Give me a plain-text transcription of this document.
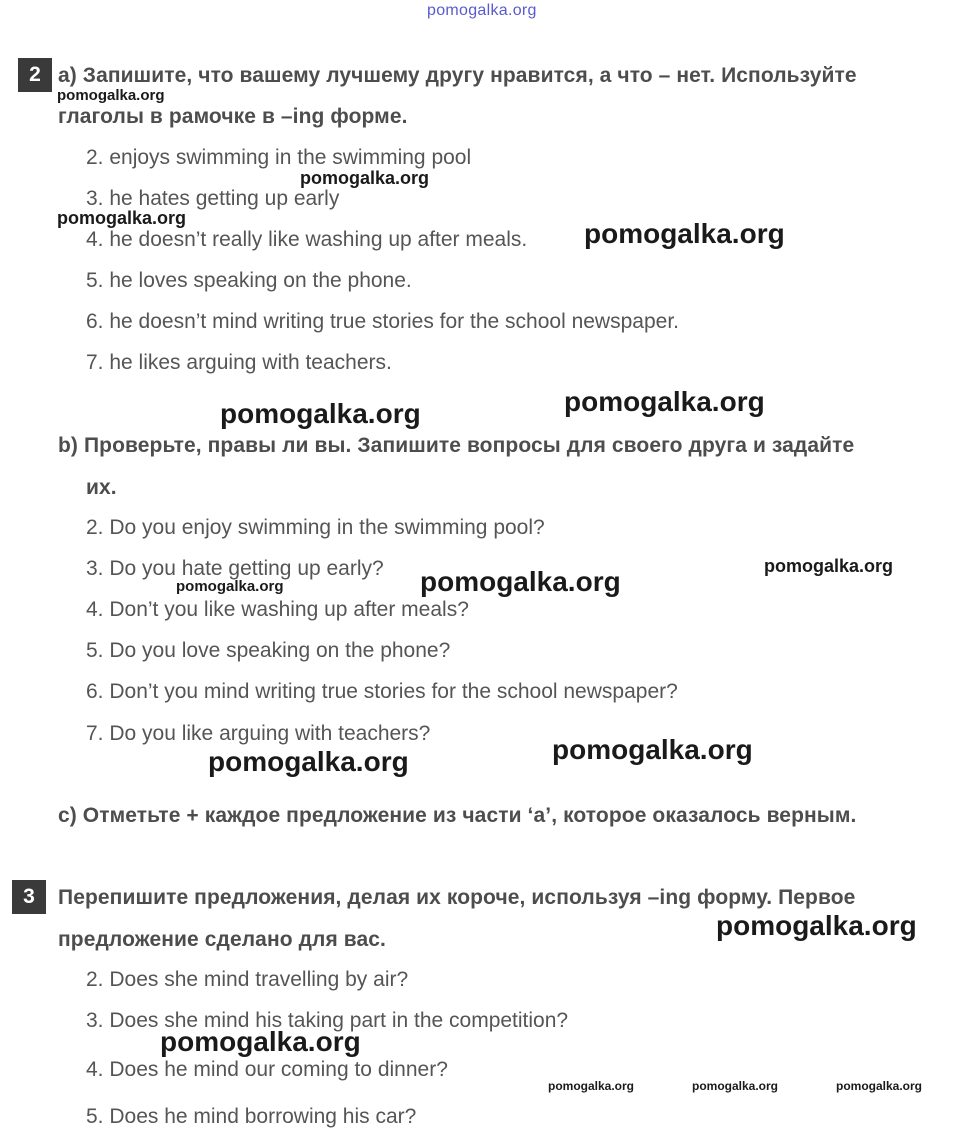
pomogalka.org
2 а) Запишите, что вашему лучшему другу нравится, а что – нет. Используйте
глаголы в рамочке в –ing форме.
2. enjoys swimming in the swimming pool
3. he hates getting up early
4. he doesn’t really like washing up after meals.
5. he loves speaking on the phone.
6. he doesn’t mind writing true stories for the school newspaper.
7. he likes arguing with teachers.
b) Проверьте, правы ли вы. Запишите вопросы для своего друга и задайте
их.
2. Do you enjoy swimming in the swimming pool?
3. Do you hate getting up early?
4. Don’t you like washing up after meals?
5. Do you love speaking on the phone?
6. Don’t you mind writing true stories for the school newspaper?
7. Do you like arguing with teachers?
c) Отметьте + каждое предложение из части ‘a’, которое оказалось верным.
3	Перепишите предложения, делая их короче, используя –ing форму. Первое
предложение сделано для вас.
2. Does she mind travelling by air?
3. Does she mind his taking part in the competition?
4. Does he mind our coming to dinner?
5. Does he mind borrowing his car?
pomogalka.org
pomogalka.org
pomogalka.org	pomogalka.org
pomogalka.org	pomogalka.org
pomogalka.org
pomogalka.org
pomogalka.org
pomogalka.org
pomogalka.org
pomogalka.org
pomogalka.org
pomogalka.org	pomogalka.org	pomogalka.org
